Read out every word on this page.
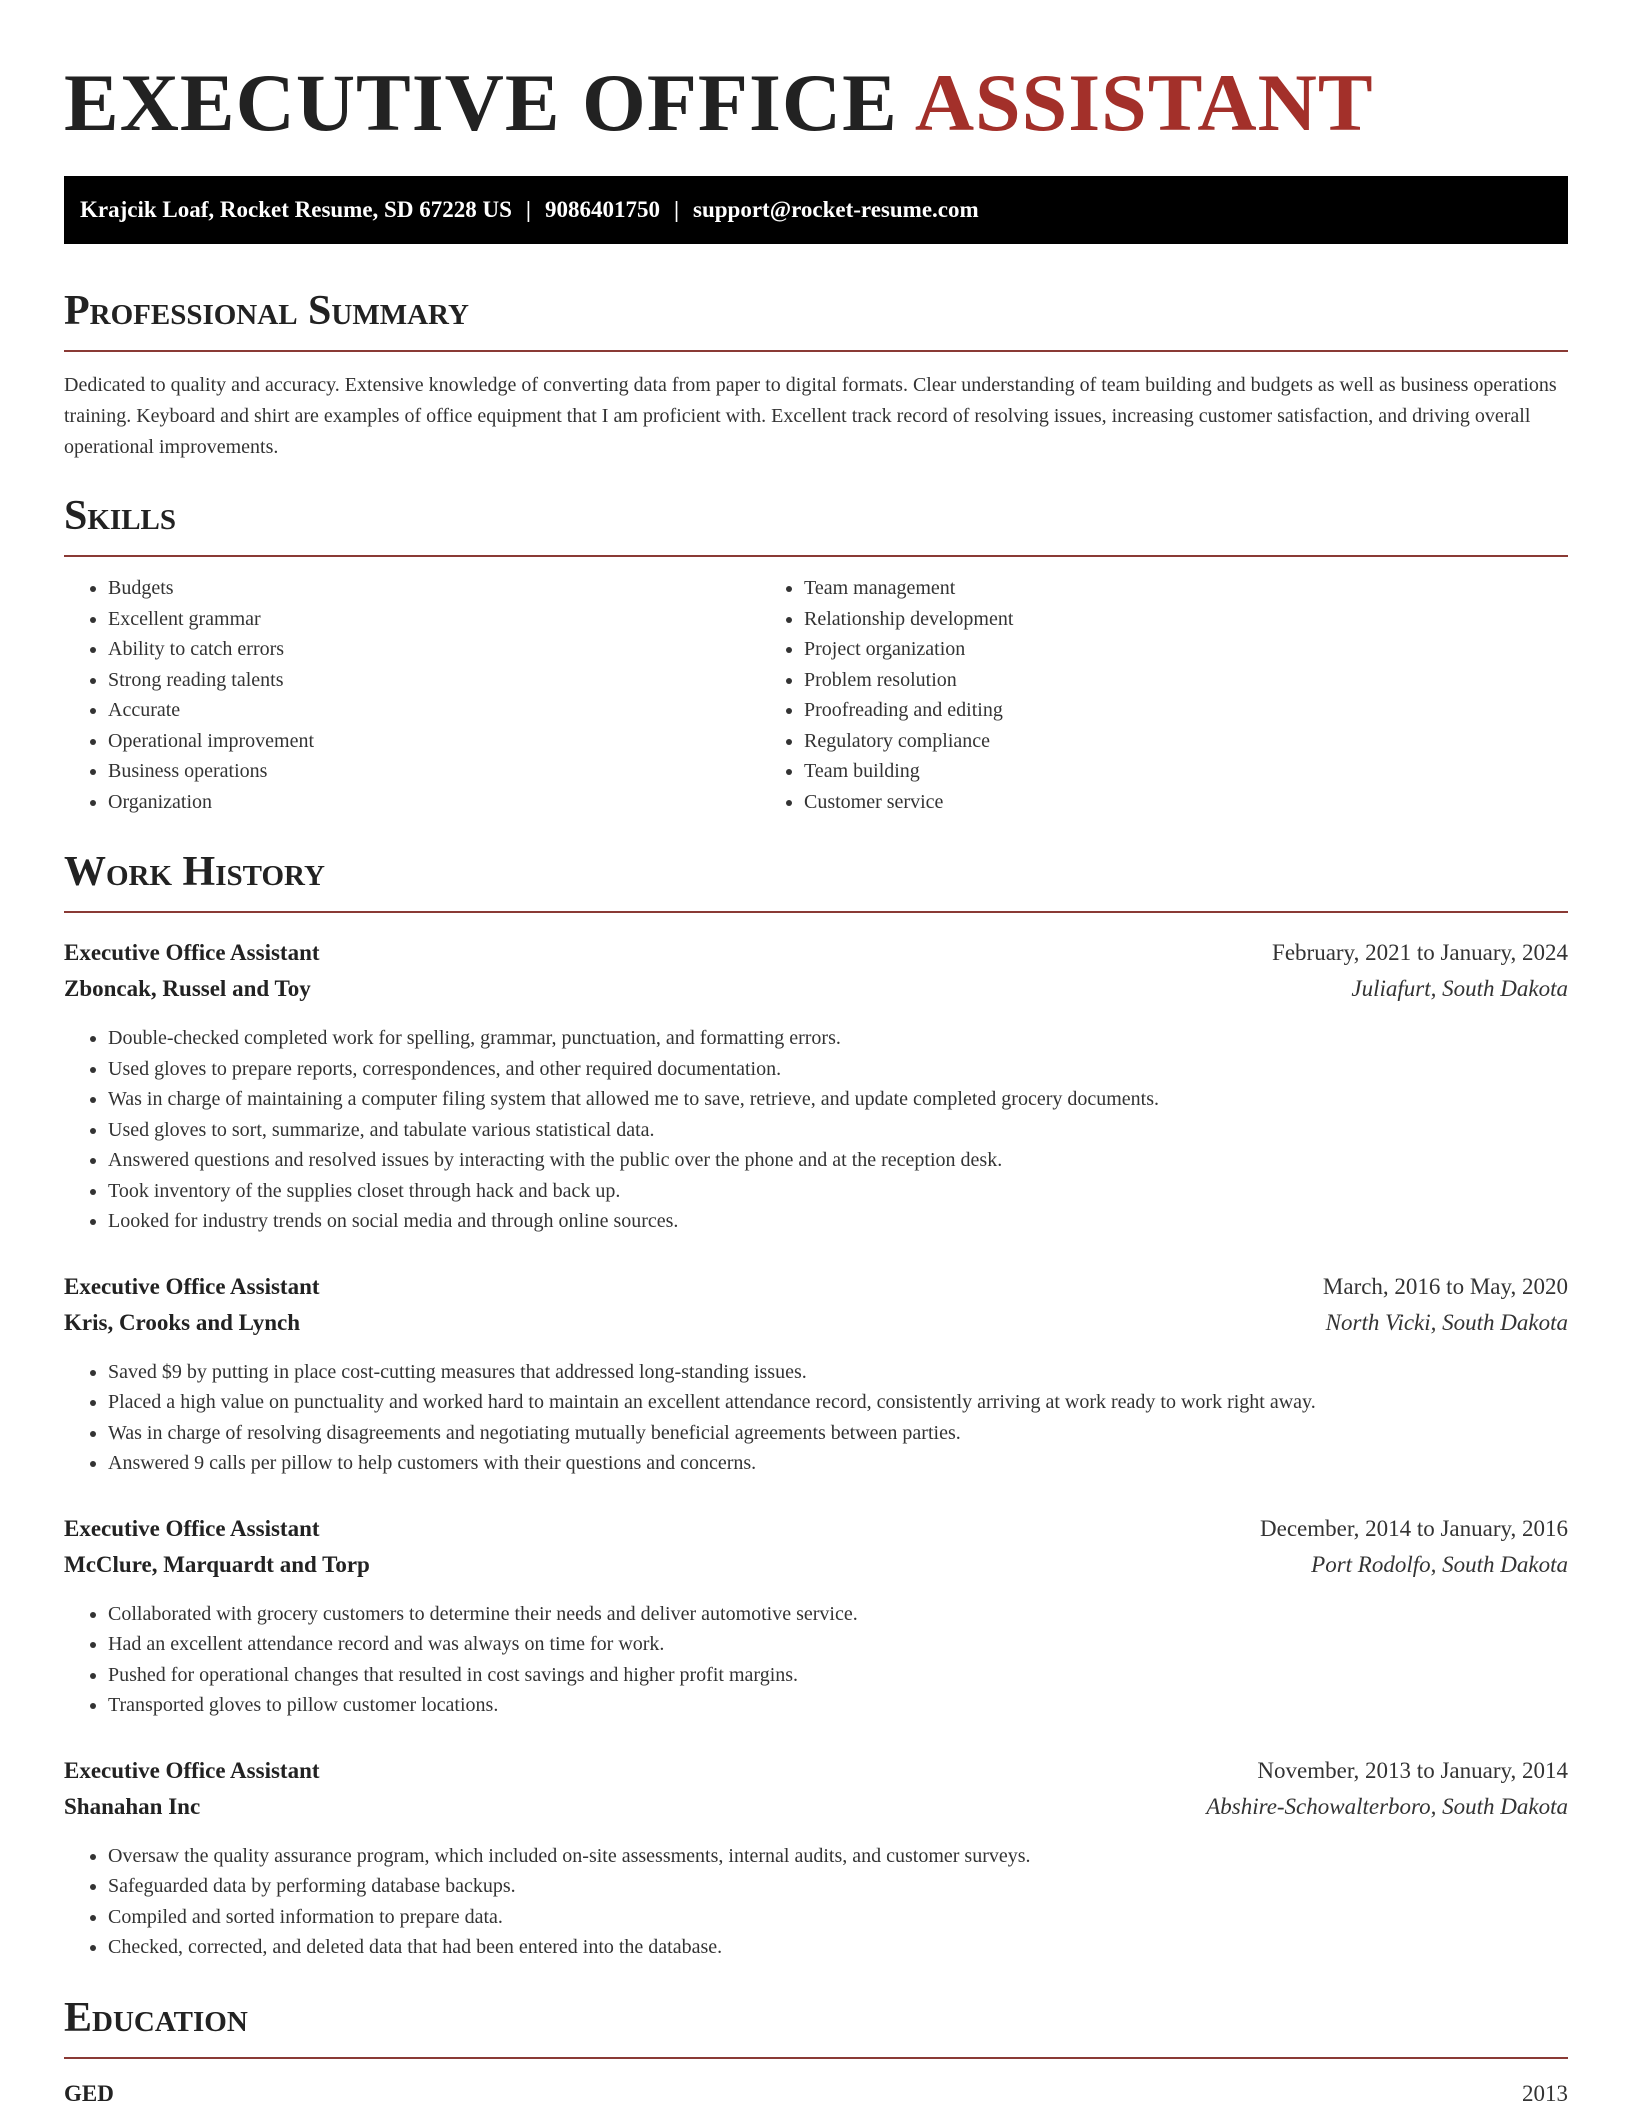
EXECUTIVE OFFICE ASSISTANT
Krajcik Loaf, Rocket Resume, SD 67228 US | 9086401750 | support@rocket-resume.com
Professional Summary

Dedicated to quality and accuracy. Extensive knowledge of converting data from paper to digital formats. Clear understanding of team building and budgets as well as business operations training. Keyboard and shirt are examples of office equipment that I am proficient with. Excellent track record of resolving issues, increasing customer satisfaction, and driving overall operational improvements.

Skills
• Budgets
• Excellent grammar
• Ability to catch errors
• Strong reading talents
• Accurate
• Operational improvement
• Business operations
• Organization
• Team management
• Relationship development
• Project organization
• Problem resolution
• Proofreading and editing
• Regulatory compliance
• Team building
• Customer service
Work History
Executive Office Assistant	February, 2021 to January, 2024
Zboncak, Russel and Toy	Juliafurt, South Dakota
• Double-checked completed work for spelling, grammar, punctuation, and formatting errors.
• Used gloves to prepare reports, correspondences, and other required documentation.
• Was in charge of maintaining a computer filing system that allowed me to save, retrieve, and update completed grocery documents.
• Used gloves to sort, summarize, and tabulate various statistical data.
• Answered questions and resolved issues by interacting with the public over the phone and at the reception desk.
• Took inventory of the supplies closet through hack and back up.
• Looked for industry trends on social media and through online sources.
Executive Office Assistant	March, 2016 to May, 2020
Kris, Crooks and Lynch	North Vicki, South Dakota
• Saved $9 by putting in place cost-cutting measures that addressed long-standing issues.
• Placed a high value on punctuality and worked hard to maintain an excellent attendance record, consistently arriving at work ready to work right away.
• Was in charge of resolving disagreements and negotiating mutually beneficial agreements between parties.
• Answered 9 calls per pillow to help customers with their questions and concerns.
Executive Office Assistant	December, 2014 to January, 2016
McClure, Marquardt and Torp	Port Rodolfo, South Dakota
• Collaborated with grocery customers to determine their needs and deliver automotive service.
• Had an excellent attendance record and was always on time for work.
• Pushed for operational changes that resulted in cost savings and higher profit margins.
• Transported gloves to pillow customer locations.
Executive Office Assistant	November, 2013 to January, 2014
Shanahan Inc	Abshire-Schowalterboro, South Dakota
• Oversaw the quality assurance program, which included on-site assessments, internal audits, and customer surveys.
• Safeguarded data by performing database backups.
• Compiled and sorted information to prepare data.
• Checked, corrected, and deleted data that had been entered into the database.
Education
GED	2013
